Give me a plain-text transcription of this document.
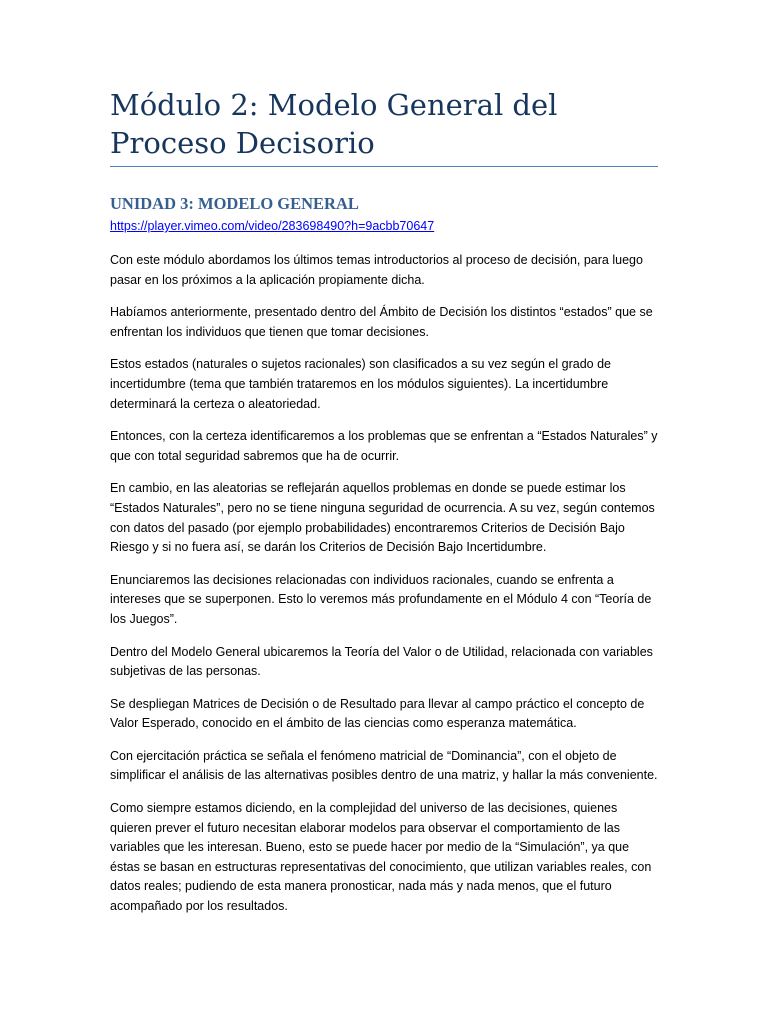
Módulo 2: Modelo General del Proceso Decisorio
UNIDAD 3: MODELO GENERAL
https://player.vimeo.com/video/283698490?h=9acbb70647

Con este módulo abordamos los últimos temas introductorios al proceso de decisión, para luego pasar en los próximos a la aplicación propiamente dicha.

Habíamos anteriormente, presentado dentro del Ámbito de Decisión los distintos “estados” que se enfrentan los individuos que tienen que tomar decisiones.

Estos estados (naturales o sujetos racionales) son clasificados a su vez según el grado de incertidumbre (tema que también trataremos en los módulos siguientes). La incertidumbre determinará la certeza o aleatoriedad.

Entonces, con la certeza identificaremos a los problemas que se enfrentan a “Estados Naturales” y que con total seguridad sabremos que ha de ocurrir.

En cambio, en las aleatorias se reflejarán aquellos problemas en donde se puede estimar los “Estados Naturales”, pero no se tiene ninguna seguridad de ocurrencia. A su vez, según contemos con datos del pasado (por ejemplo probabilidades) encontraremos Criterios de Decisión Bajo Riesgo y si no fuera así, se darán los Criterios de Decisión Bajo Incertidumbre.

Enunciaremos las decisiones relacionadas con individuos racionales, cuando se enfrenta a intereses que se superponen. Esto lo veremos más profundamente en el Módulo 4 con “Teoría de los Juegos”.

Dentro del Modelo General ubicaremos la Teoría del Valor o de Utilidad, relacionada con variables subjetivas de las personas.

Se despliegan Matrices de Decisión o de Resultado para llevar al campo práctico el concepto de Valor Esperado, conocido en el ámbito de las ciencias como esperanza matemática.

Con ejercitación práctica se señala el fenómeno matricial de “Dominancia”, con el objeto de simplificar el análisis de las alternativas posibles dentro de una matriz, y hallar la más conveniente.

Como siempre estamos diciendo, en la complejidad del universo de las decisiones, quienes quieren prever el futuro necesitan elaborar modelos para observar el comportamiento de las variables que les interesan. Bueno, esto se puede hacer por medio de la “Simulación”, ya que éstas se basan en estructuras representativas del conocimiento, que utilizan variables reales, con datos reales; pudiendo de esta manera pronosticar, nada más y nada menos, que el futuro acompañado por los resultados.
